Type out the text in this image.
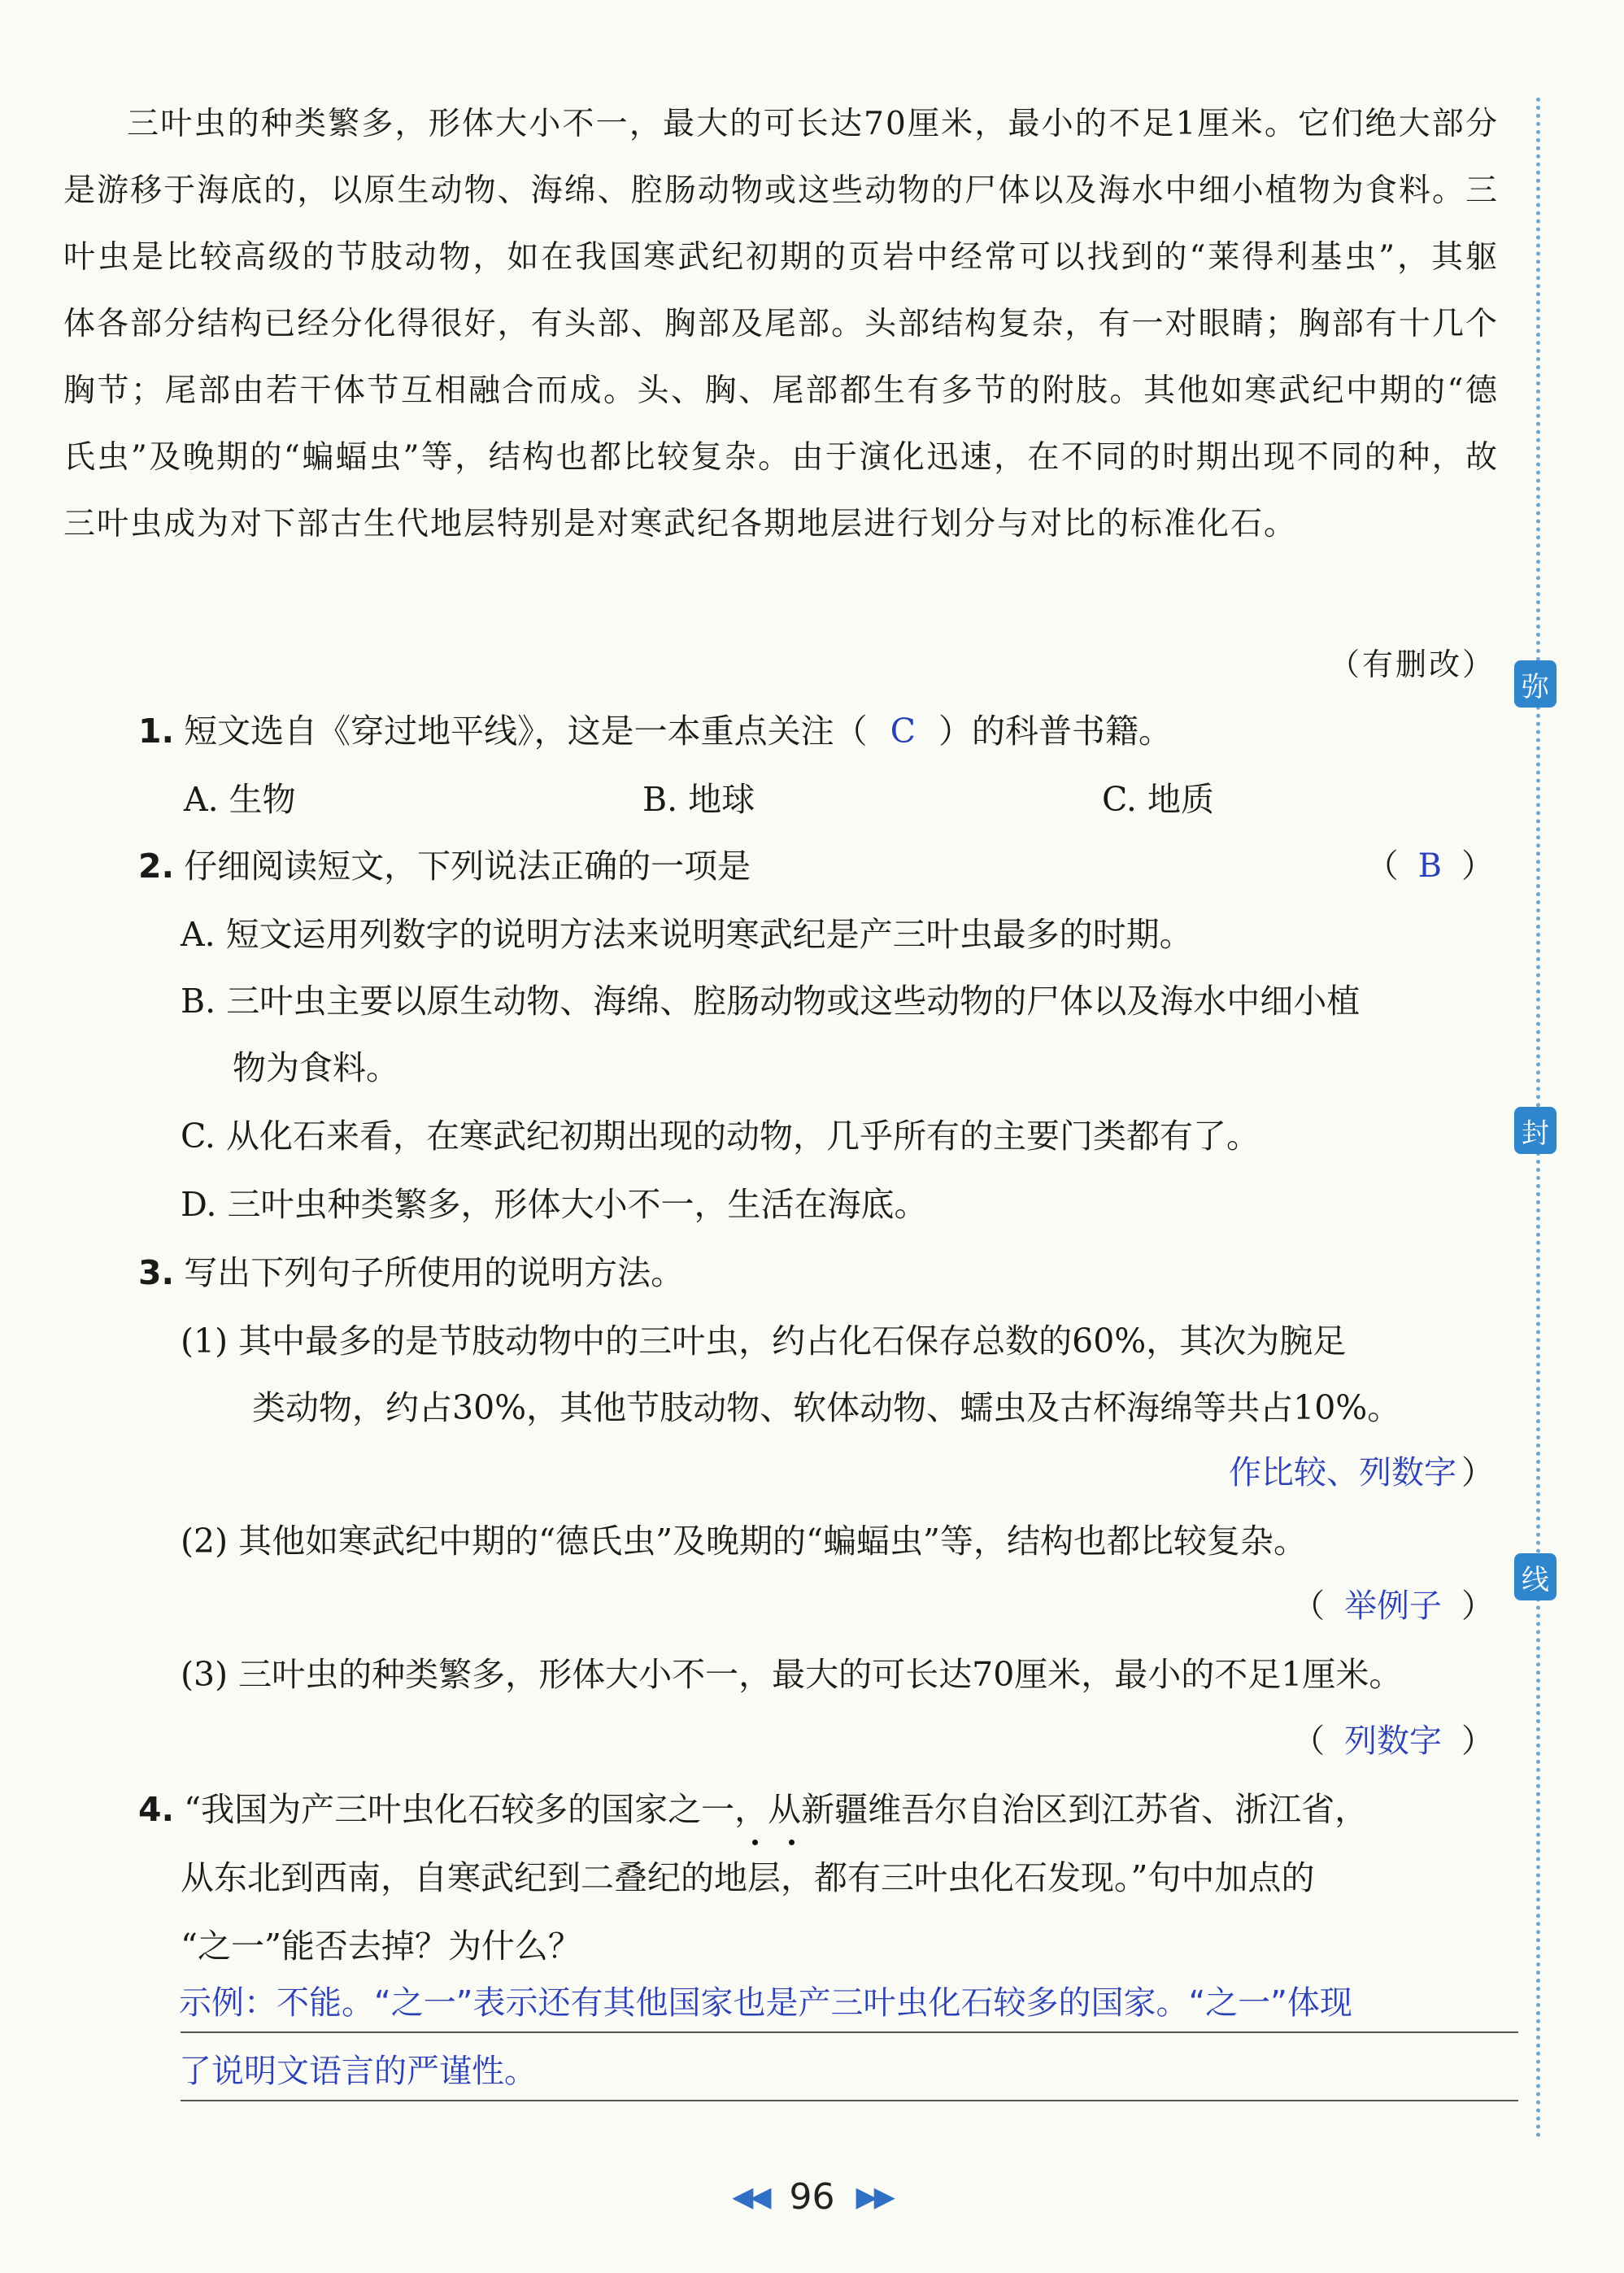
三叶虫的种类繁多，形体大小不一，最大的可长达70厘米，最小的不足1厘米。它们绝大部分是游移于海底的，以原生动物、海绵、腔肠动物或这些动物的尸体以及海水中细小植物为食料。三叶虫是比较高级的节肢动物，如在我国寒武纪初期的页岩中经常可以找到的“莱得利基虫”，其躯体各部分结构已经分化得很好，有头部、胸部及尾部。头部结构复杂，有一对眼睛；胸部有十几个胸节；尾部由若干体节互相融合而成。头、胸、尾部都生有多节的附肢。其他如寒武纪中期的“德氏虫”及晚期的“蝙蝠虫”等，结构也都比较复杂。由于演化迅速，在不同的时期出现不同的种，故三叶虫成为对下部古生代地层特别是对寒武纪各期地层进行划分与对比的标准化石。

（有删改）
1. 短文选自《穿过地平线》，这是一本重点关注（ C ）的科普书籍。
A. 生物	B. 地球	C. 地质
2. 仔细阅读短文，下列说法正确的一项是	（ B ）
A. 短文运用列数字的说明方法来说明寒武纪是产三叶虫最多的时期。
B. 三叶虫主要以原生动物、海绵、腔肠动物或这些动物的尸体以及海水中细小植
物为食料。
C. 从化石来看，在寒武纪初期出现的动物，几乎所有的主要门类都有了。
D. 三叶虫种类繁多，形体大小不一，生活在海底。
3. 写出下列句子所使用的说明方法。
(1) 其中最多的是节肢动物中的三叶虫，约占化石保存总数的60%，其次为腕足
类动物，约占30%，其他节肢动物、软体动物、蠕虫及古杯海绵等共占10%。
作比较、列数字 ）
(2) 其他如寒武纪中期的“德氏虫”及晚期的“蝙蝠虫”等，结构也都比较复杂。
（ 举例子 ）
(3) 三叶虫的种类繁多，形体大小不一，最大的可长达70厘米，最小的不足1厘米。
（ 列数字 ）
4. “我国为产三叶虫化石较多的国家之一，从新疆维吾尔自治区到江苏省、浙江省，
从东北到西南，自寒武纪到二叠纪的地层，都有三叶虫化石发现。”句中加点的
“之一”能否去掉？为什么？
示例：不能。“之一”表示还有其他国家也是产三叶虫化石较多的国家。“之一”体现
了说明文语言的严谨性。
弥
封
线
◀◀ 96 ▶▶
